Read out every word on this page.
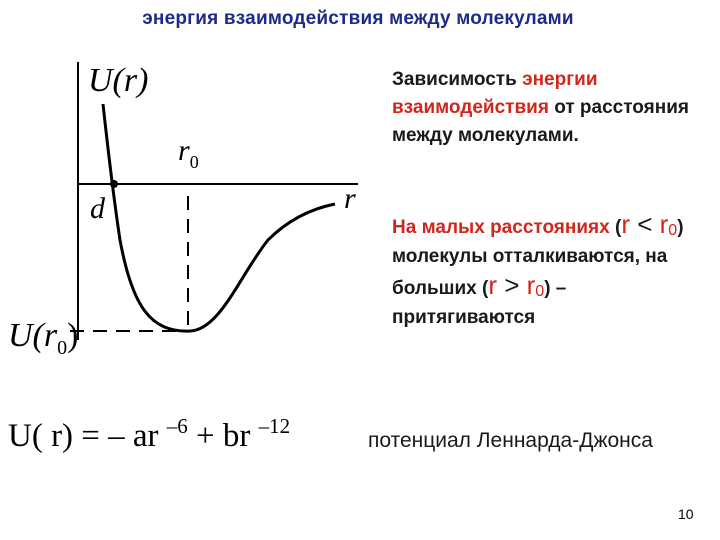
энергия взаимодействия между молекулами
U(r)
r
$r_0$
d
$U(r_0)$
Зависимость энергии взаимодействия от расстояния между молекулами.
На малых расстояниях (r < r0) молекулы отталкиваются, на больших (r > r0) – притягиваются
U( r) = – ar $^{-6}$ + br $^{-12}$
потенциал Леннарда-Джонса
10
